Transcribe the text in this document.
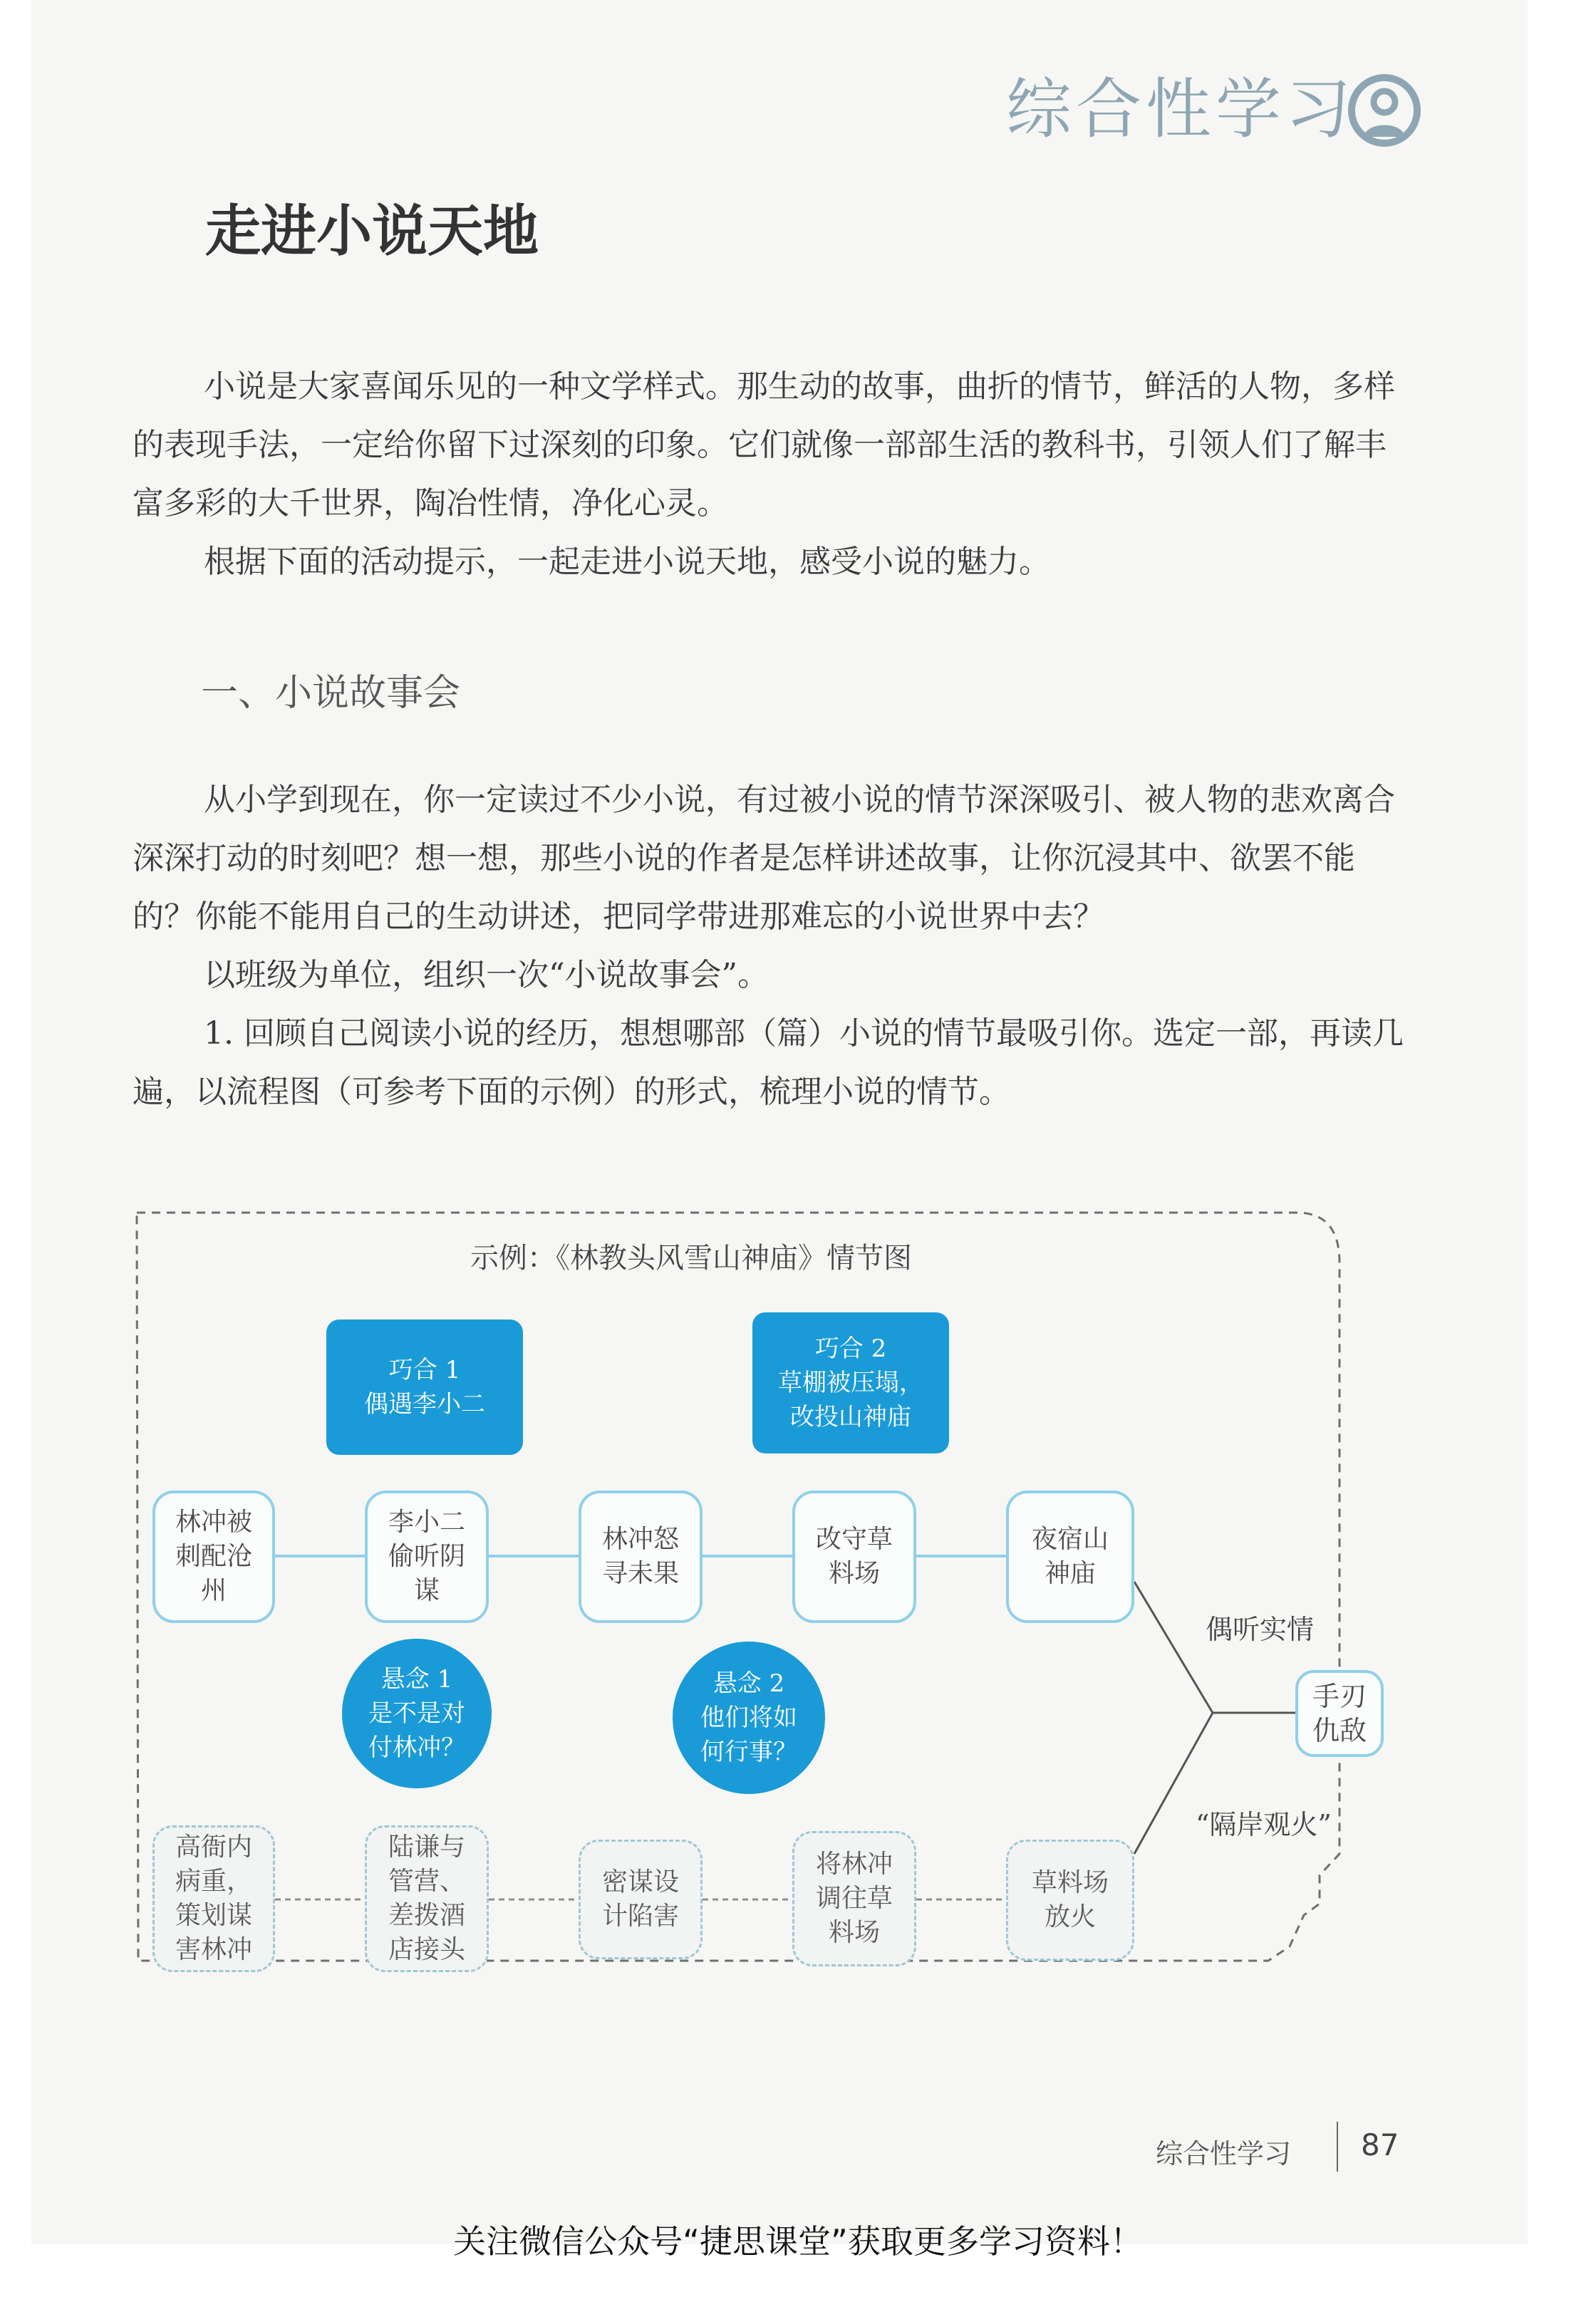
综合性学习
走进小说天地

小说是大家喜闻乐见的一种文学样式。那生动的故事，曲折的情节，鲜活的人物，多样的表现手法，一定给你留下过深刻的印象。它们就像一部部生活的教科书，引领人们了解丰富多彩的大千世界，陶冶性情，净化心灵。

根据下面的活动提示，一起走进小说天地，感受小说的魅力。

一、小说故事会

从小学到现在，你一定读过不少小说，有过被小说的情节深深吸引、被人物的悲欢离合深深打动的时刻吧？想一想，那些小说的作者是怎样讲述故事，让你沉浸其中、欲罢不能的？你能不能用自己的生动讲述，把同学带进那难忘的小说世界中去？

以班级为单位，组织一次“小说故事会”。

1. 回顾自己阅读小说的经历，想想哪部（篇）小说的情节最吸引你。选定一部，再读几遍，以流程图（可参考下面的示例）的形式，梳理小说的情节。

示例：《林教头风雪山神庙》情节图
巧合 1
偶遇李小二
巧合 2
草棚被压塌，
改投山神庙
林冲被
刺配沧
州
李小二
偷听阴
谋
林冲怒
寻未果
改守草
料场
夜宿山
神庙
悬念 1
是不是对
付林冲？
悬念 2
他们将如
何行事？
偶听实情
手刃
仇敌
“隔岸观火”
高衙内
病重，
策划谋
害林冲
陆谦与
管营、
差拨酒
店接头
密谋设
计陷害
将林冲
调往草
料场
草料场
放火
综合性学习 87
关注微信公众号“捷思课堂”获取更多学习资料！
